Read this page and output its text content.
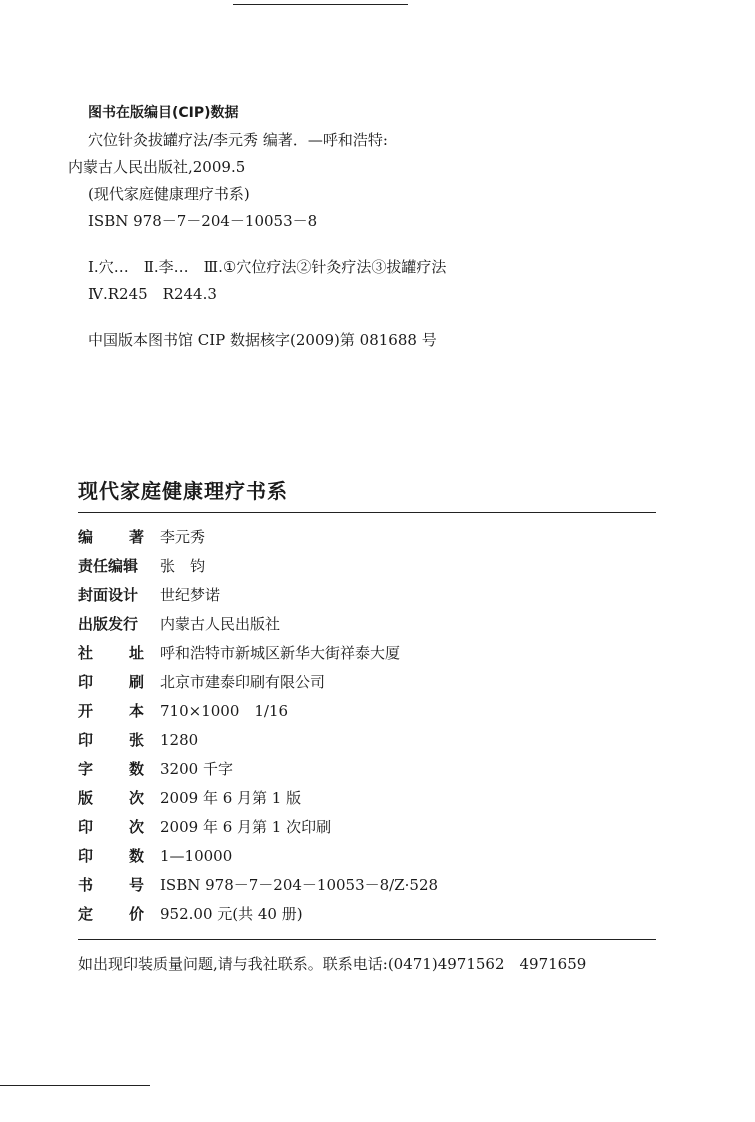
图书在版编目(CIP)数据
穴位针灸拔罐疗法/李元秀 编著．—呼和浩特:
内蒙古人民出版社,2009.5
(现代家庭健康理疗书系)
ISBN 978－7－204－10053－8
Ⅰ.穴…　Ⅱ.李…　Ⅲ.①穴位疗法②针灸疗法③拔罐疗法
Ⅳ.R245　R244.3
中国版本图书馆 CIP 数据核字(2009)第 081688 号
PDG
现代家庭健康理疗书系
编 著 李元秀
责任编辑 张　钧
封面设计 世纪梦诺
出版发行 内蒙古人民出版社
社 址 呼和浩特市新城区新华大街祥泰大厦
印 刷 北京市建泰印刷有限公司
开 本 710×1000　1/16
印 张 1280
字 数 3200 千字
版 次 2009 年 6 月第 1 版
印 次 2009 年 6 月第 1 次印刷
印 数 1—10000
书 号 ISBN 978－7－204－10053－8/Z·528
定 价 952.00 元(共 40 册)
如出现印装质量问题,请与我社联系。联系电话:(0471)4971562　4971659
